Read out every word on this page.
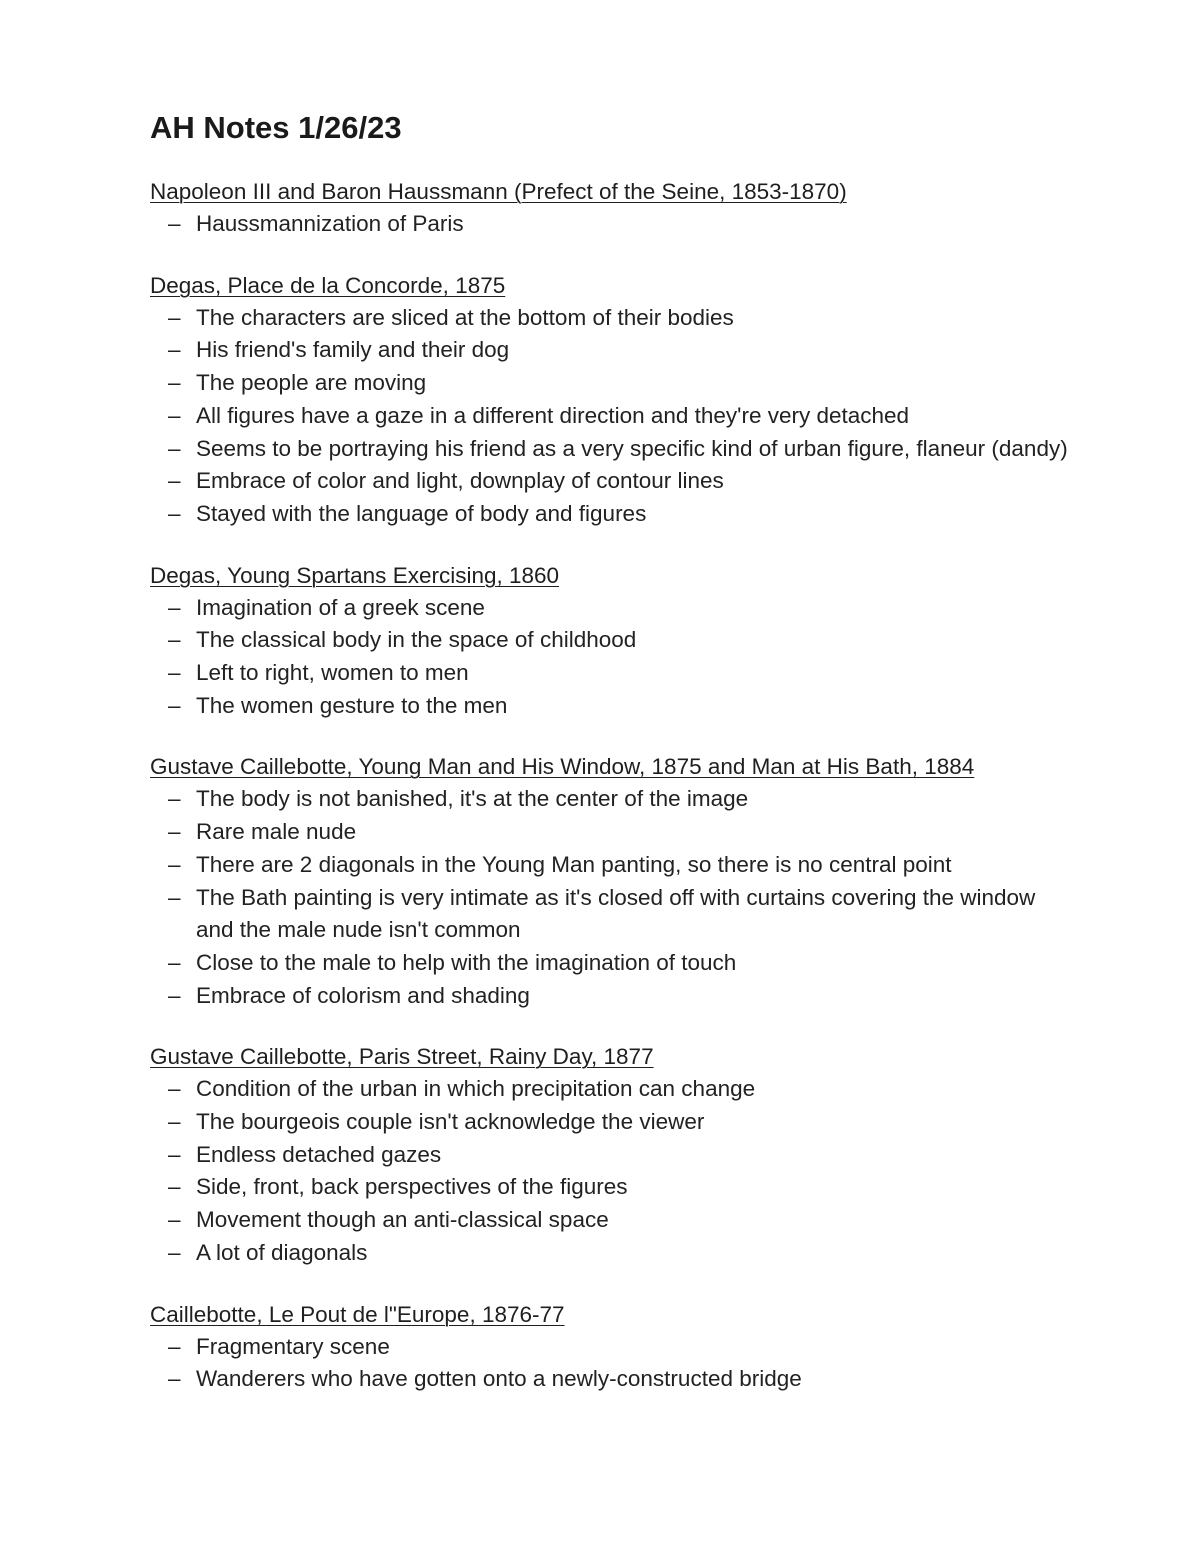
AH Notes 1/26/23
Napoleon III and Baron Haussmann (Prefect of the Seine, 1853-1870)
– Haussmannization of Paris
Degas, Place de la Concorde, 1875
– The characters are sliced at the bottom of their bodies
– His friend's family and their dog
– The people are moving
– All figures have a gaze in a different direction and they're very detached
– Seems to be portraying his friend as a very specific kind of urban figure, flaneur (dandy)
– Embrace of color and light, downplay of contour lines
– Stayed with the language of body and figures
Degas, Young Spartans Exercising, 1860
– Imagination of a greek scene
– The classical body in the space of childhood
– Left to right, women to men
– The women gesture to the men
Gustave Caillebotte, Young Man and His Window, 1875 and Man at His Bath, 1884
– The body is not banished, it's at the center of the image
– Rare male nude
– There are 2 diagonals in the Young Man panting, so there is no central point
– The Bath painting is very intimate as it's closed off with curtains covering the window and the male nude isn't common
– Close to the male to help with the imagination of touch
– Embrace of colorism and shading
Gustave Caillebotte, Paris Street, Rainy Day, 1877
– Condition of the urban in which precipitation can change
– The bourgeois couple isn't acknowledge the viewer
– Endless detached gazes
– Side, front, back perspectives of the figures
– Movement though an anti-classical space
– A lot of diagonals
Caillebotte, Le Pout de l"Europe, 1876-77
– Fragmentary scene
– Wanderers who have gotten onto a newly-constructed bridge
